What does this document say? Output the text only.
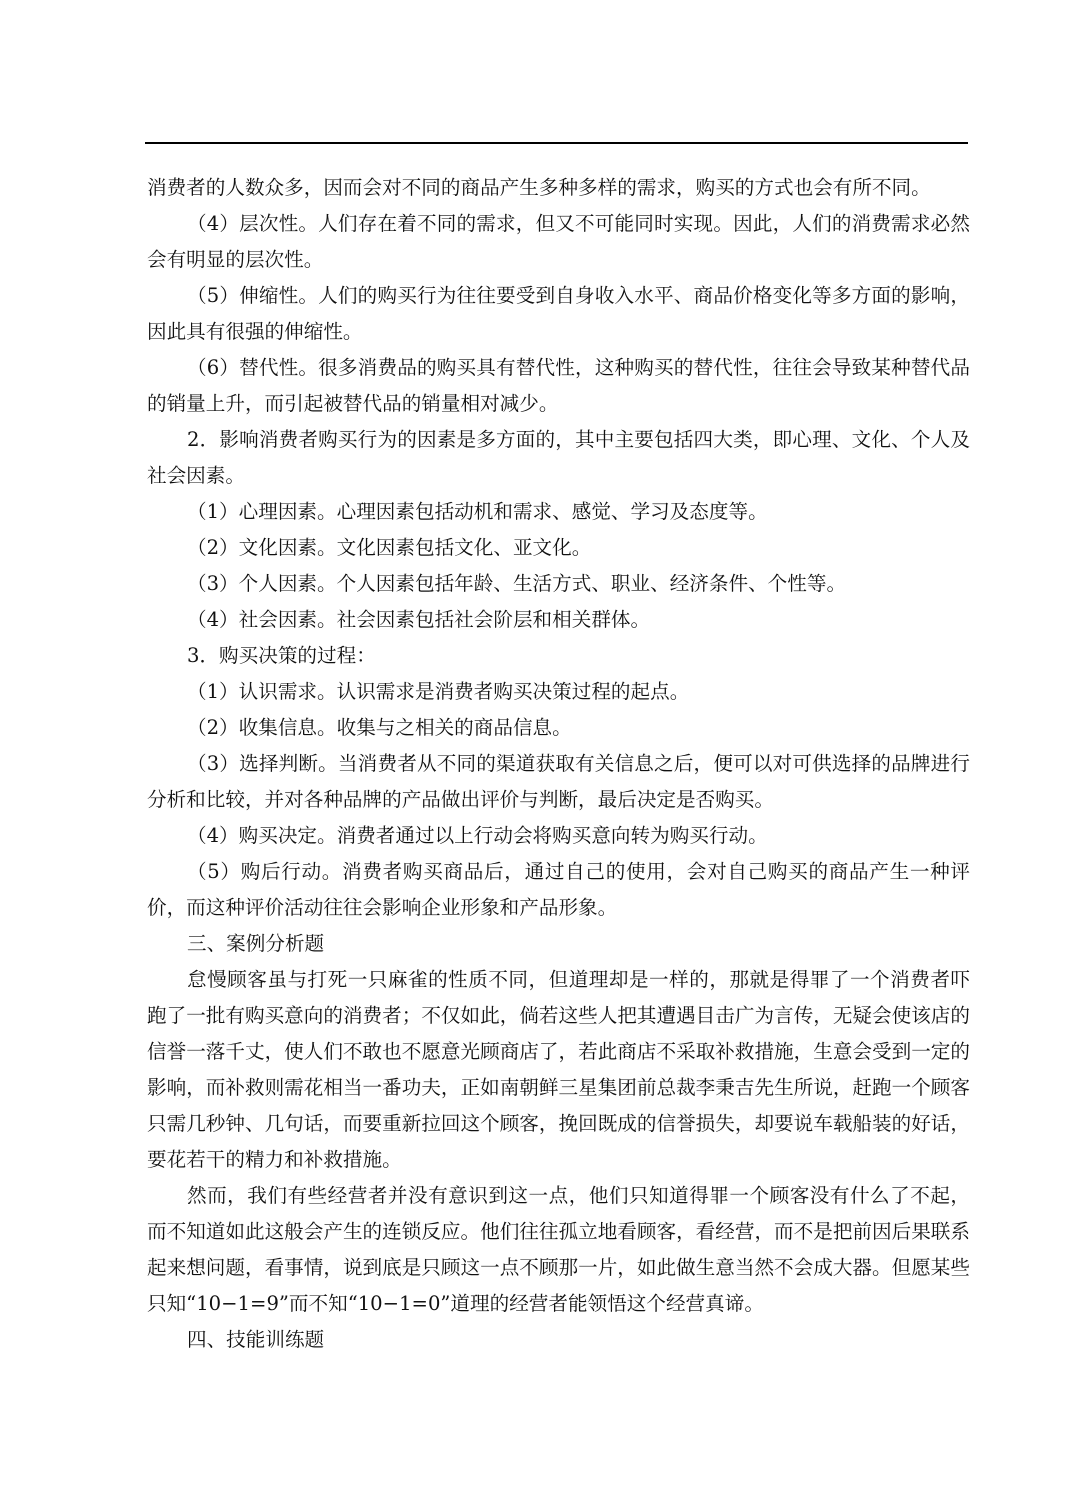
消费者的人数众多，因而会对不同的商品产生多种多样的需求，购买的方式也会有所不同。

（4）层次性。人们存在着不同的需求，但又不可能同时实现。因此，人们的消费需求必然会有明显的层次性。

（5）伸缩性。人们的购买行为往往要受到自身收入水平、商品价格变化等多方面的影响，因此具有很强的伸缩性。

（6）替代性。很多消费品的购买具有替代性，这种购买的替代性，往往会导致某种替代品的销量上升，而引起被替代品的销量相对减少。

2．影响消费者购买行为的因素是多方面的，其中主要包括四大类，即心理、文化、个人及社会因素。

（1）心理因素。心理因素包括动机和需求、感觉、学习及态度等。

（2）文化因素。文化因素包括文化、亚文化。

（3）个人因素。个人因素包括年龄、生活方式、职业、经济条件、个性等。

（4）社会因素。社会因素包括社会阶层和相关群体。

3．购买决策的过程：

（1）认识需求。认识需求是消费者购买决策过程的起点。

（2）收集信息。收集与之相关的商品信息。

（3）选择判断。当消费者从不同的渠道获取有关信息之后，便可以对可供选择的品牌进行分析和比较，并对各种品牌的产品做出评价与判断，最后决定是否购买。

（4）购买决定。消费者通过以上行动会将购买意向转为购买行动。

（5）购后行动。消费者购买商品后，通过自己的使用，会对自己购买的商品产生一种评价，而这种评价活动往往会影响企业形象和产品形象。

三、案例分析题

怠慢顾客虽与打死一只麻雀的性质不同，但道理却是一样的，那就是得罪了一个消费者吓跑了一批有购买意向的消费者；不仅如此，倘若这些人把其遭遇目击广为言传，无疑会使该店的信誉一落千丈，使人们不敢也不愿意光顾商店了，若此商店不采取补救措施，生意会受到一定的影响，而补救则需花相当一番功夫，正如南朝鲜三星集团前总裁李秉吉先生所说，赶跑一个顾客只需几秒钟、几句话，而要重新拉回这个顾客，挽回既成的信誉损失，却要说车载船装的好话，要花若干的精力和补救措施。

然而，我们有些经营者并没有意识到这一点，他们只知道得罪一个顾客没有什么了不起，而不知道如此这般会产生的连锁反应。他们往往孤立地看顾客，看经营，而不是把前因后果联系起来想问题，看事情，说到底是只顾这一点不顾那一片，如此做生意当然不会成大器。但愿某些只知“10−1=9”而不知“10−1=0”道理的经营者能领悟这个经营真谛。

四、技能训练题
